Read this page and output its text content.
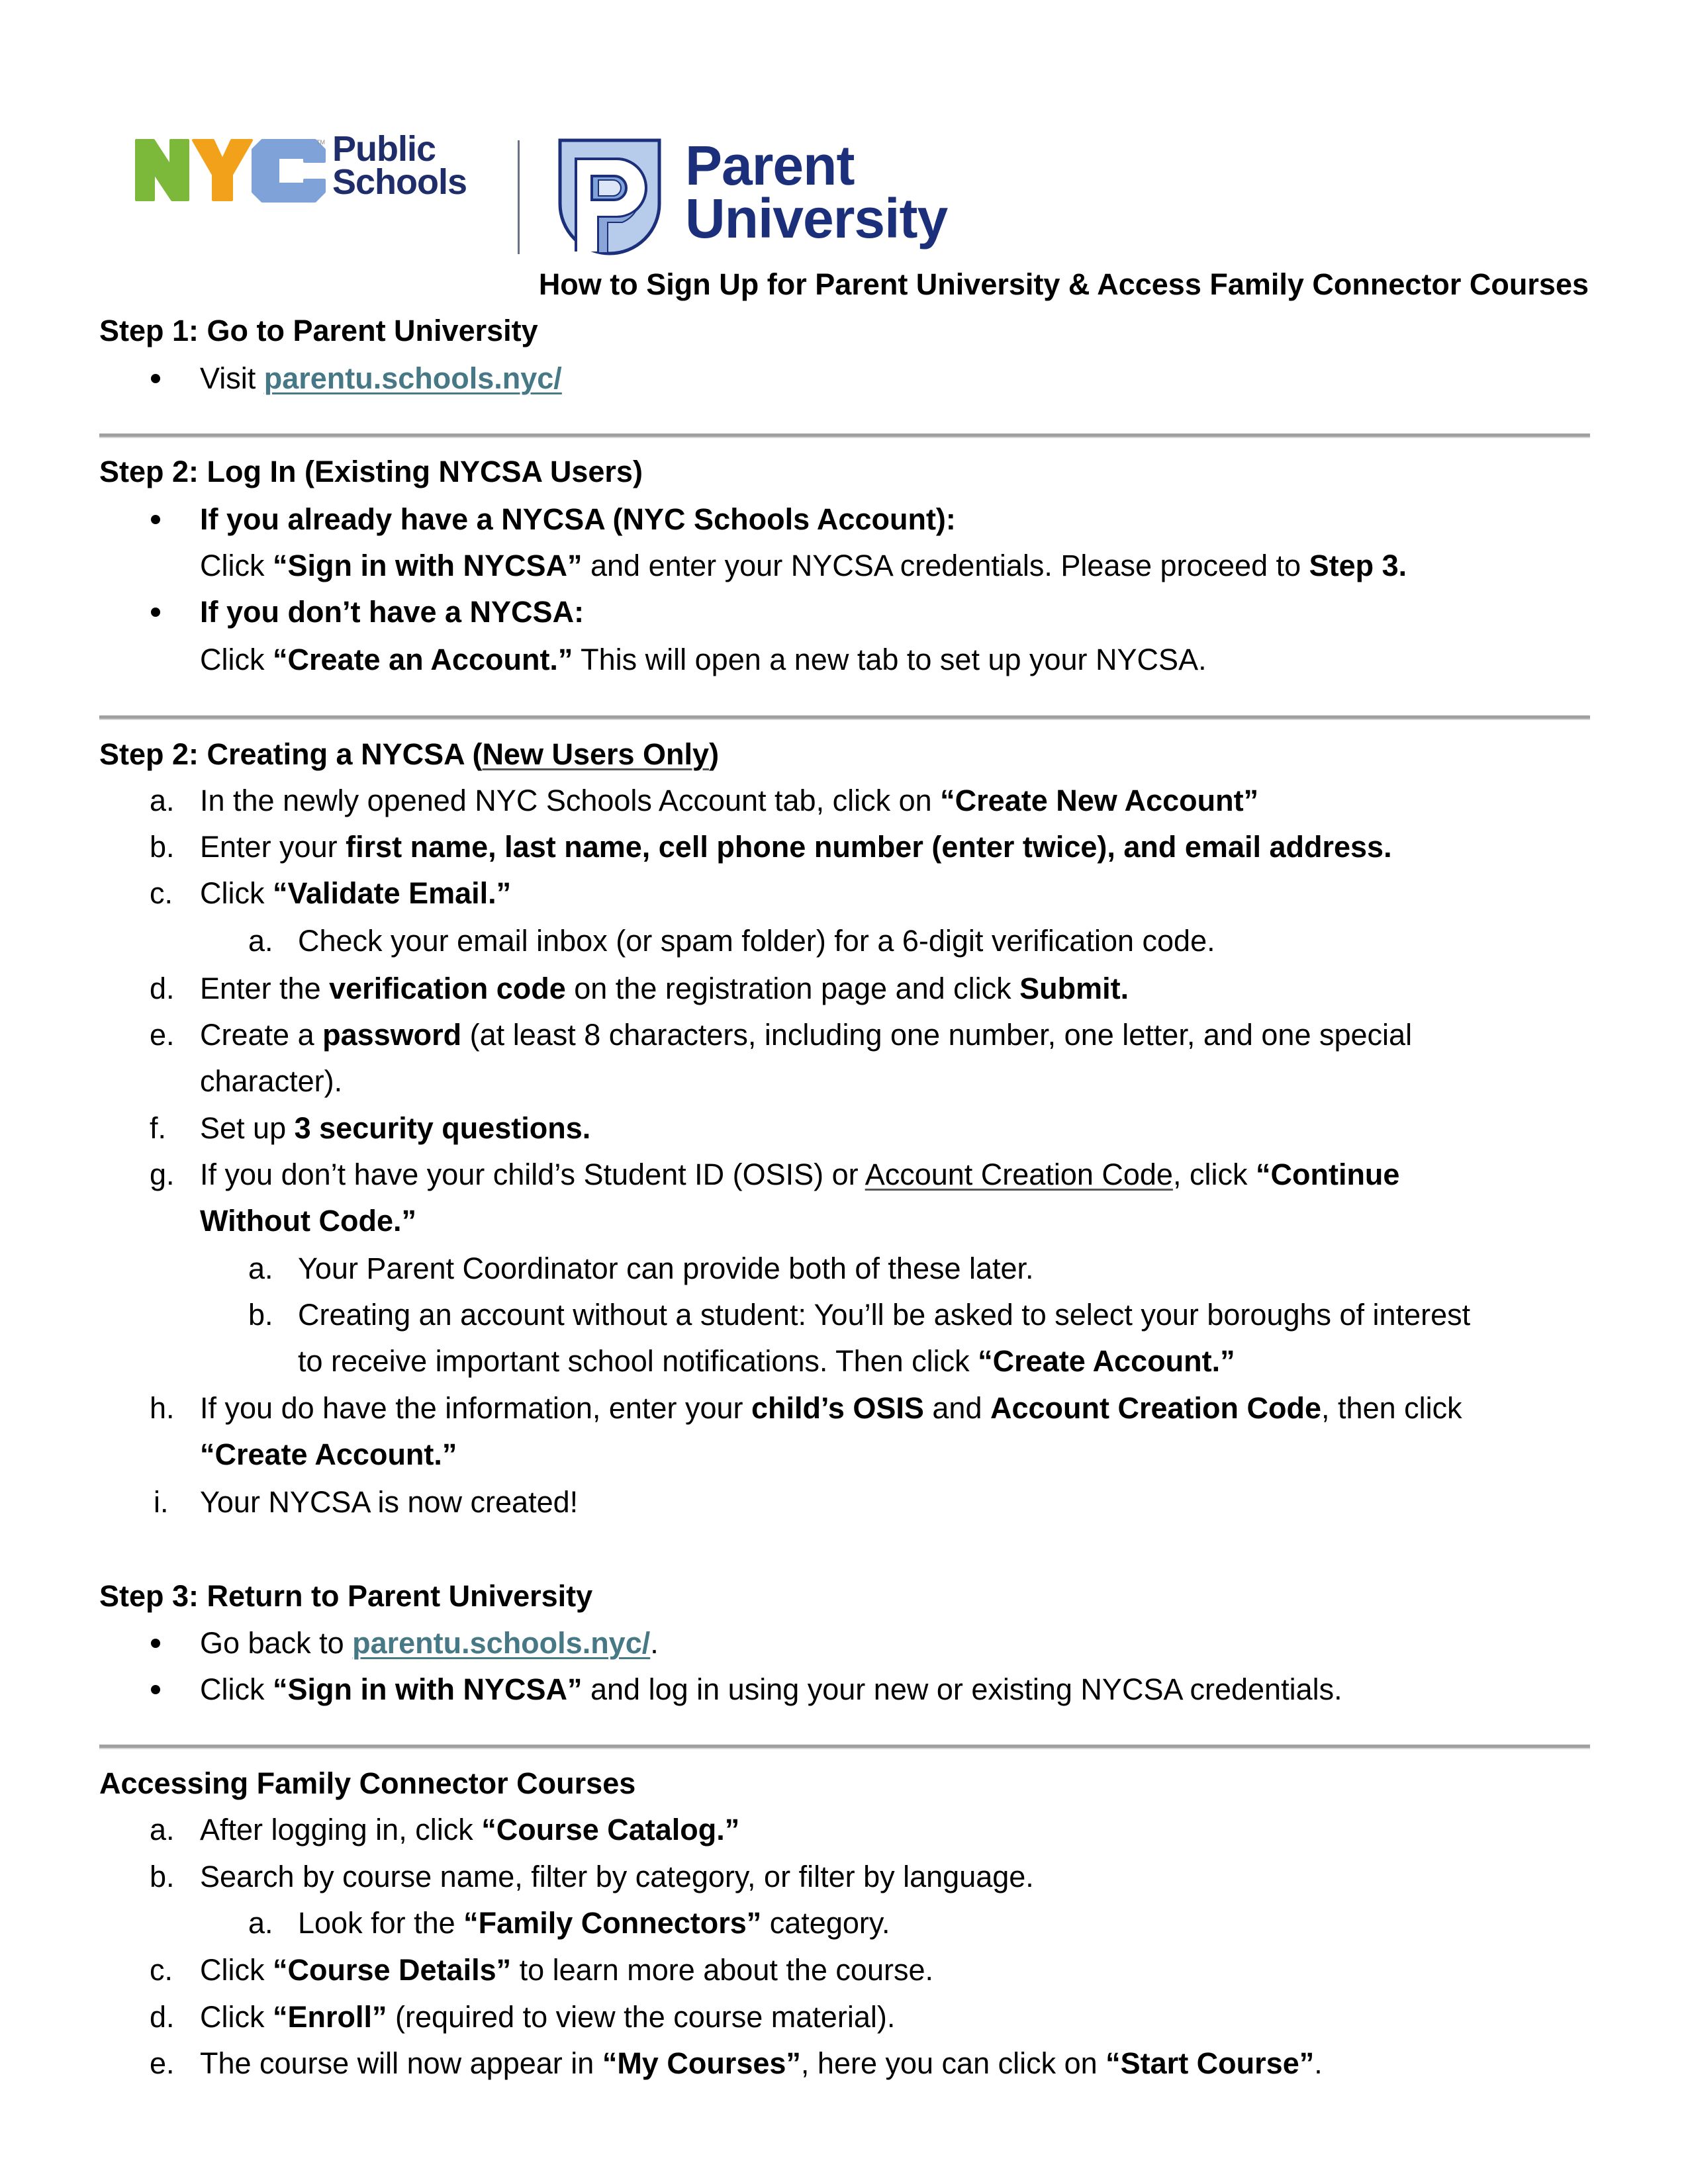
TM Public
Schools	Parent
University
How to Sign Up for Parent University & Access Family Connector Courses
Step 1: Go to Parent University
Visit parentu.schools.nyc/
Step 2: Log In (Existing NYCSA Users)
If you already have a NYCSA (NYC Schools Account):
Click “Sign in with NYCSA” and enter your NYCSA credentials. Please proceed to Step 3.
If you don’t have a NYCSA:
Click “Create an Account.” This will open a new tab to set up your NYCSA.
Step 2: Creating a NYCSA (New Users Only)
a. In the newly opened NYC Schools Account tab, click on “Create New Account”
b. Enter your first name, last name, cell phone number (enter twice), and email address.
c. Click “Validate Email.”
a. Check your email inbox (or spam folder) for a 6-digit verification code.
d. Enter the verification code on the registration page and click Submit.
e. Create a password (at least 8 characters, including one number, one letter, and one special
character).
f. Set up 3 security questions.
g. If you don’t have your child’s Student ID (OSIS) or Account Creation Code, click “Continue
Without Code.”
a. Your Parent Coordinator can provide both of these later.
b. Creating an account without a student: You’ll be asked to select your boroughs of interest
to receive important school notifications. Then click “Create Account.”
h. If you do have the information, enter your child’s OSIS and Account Creation Code, then click
“Create Account.”
i. Your NYCSA is now created!
Step 3: Return to Parent University
Go back to parentu.schools.nyc/.
Click “Sign in with NYCSA” and log in using your new or existing NYCSA credentials.
Accessing Family Connector Courses
a. After logging in, click “Course Catalog.”
b. Search by course name, filter by category, or filter by language.
a. Look for the “Family Connectors” category.
c. Click “Course Details” to learn more about the course.
d. Click “Enroll” (required to view the course material).
e. The course will now appear in “My Courses”, here you can click on “Start Course”.
